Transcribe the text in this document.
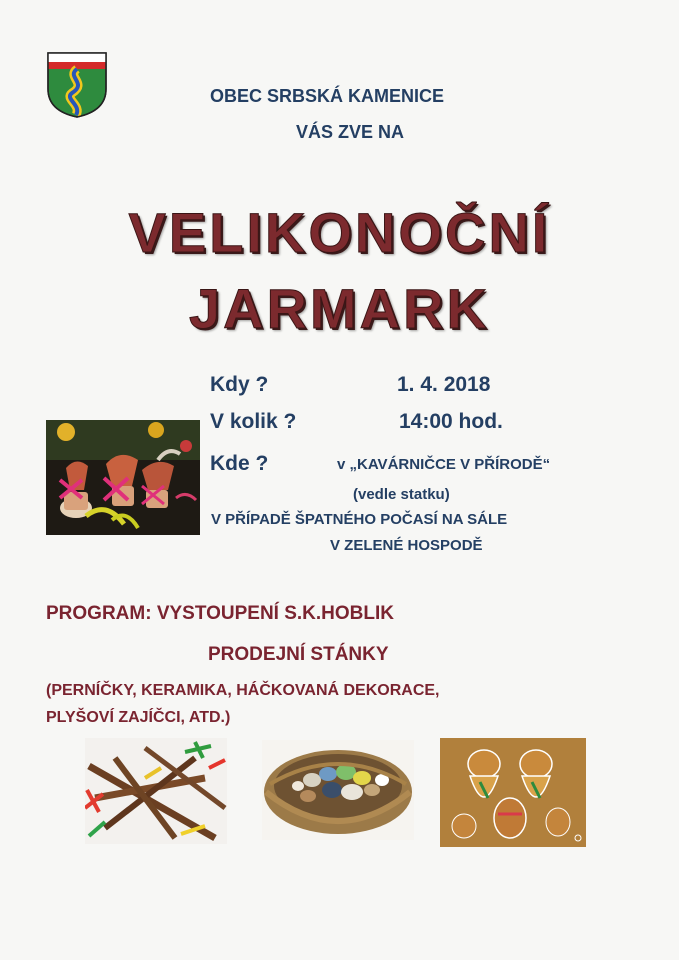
OBEC SRBSKÁ KAMENICE
VÁS ZVE NA
VELIKONOČNÍ
JARMARK
Kdy ?	1. 4. 2018
V kolik ?	14:00 hod.
Kde ?	v „KAVÁRNIČCE V PŘÍRODĚ“
(vedle statku)
V PŘÍPADĚ ŠPATNÉHO POČASÍ NA SÁLE
V ZELENÉ HOSPODĚ
PROGRAM: VYSTOUPENÍ S.K.HOBLIK
PRODEJNÍ STÁNKY
(PERNÍČKY, KERAMIKA, HÁČKOVANÁ DEKORACE,
PLYŠOVÍ ZAJÍČCI, ATD.)
